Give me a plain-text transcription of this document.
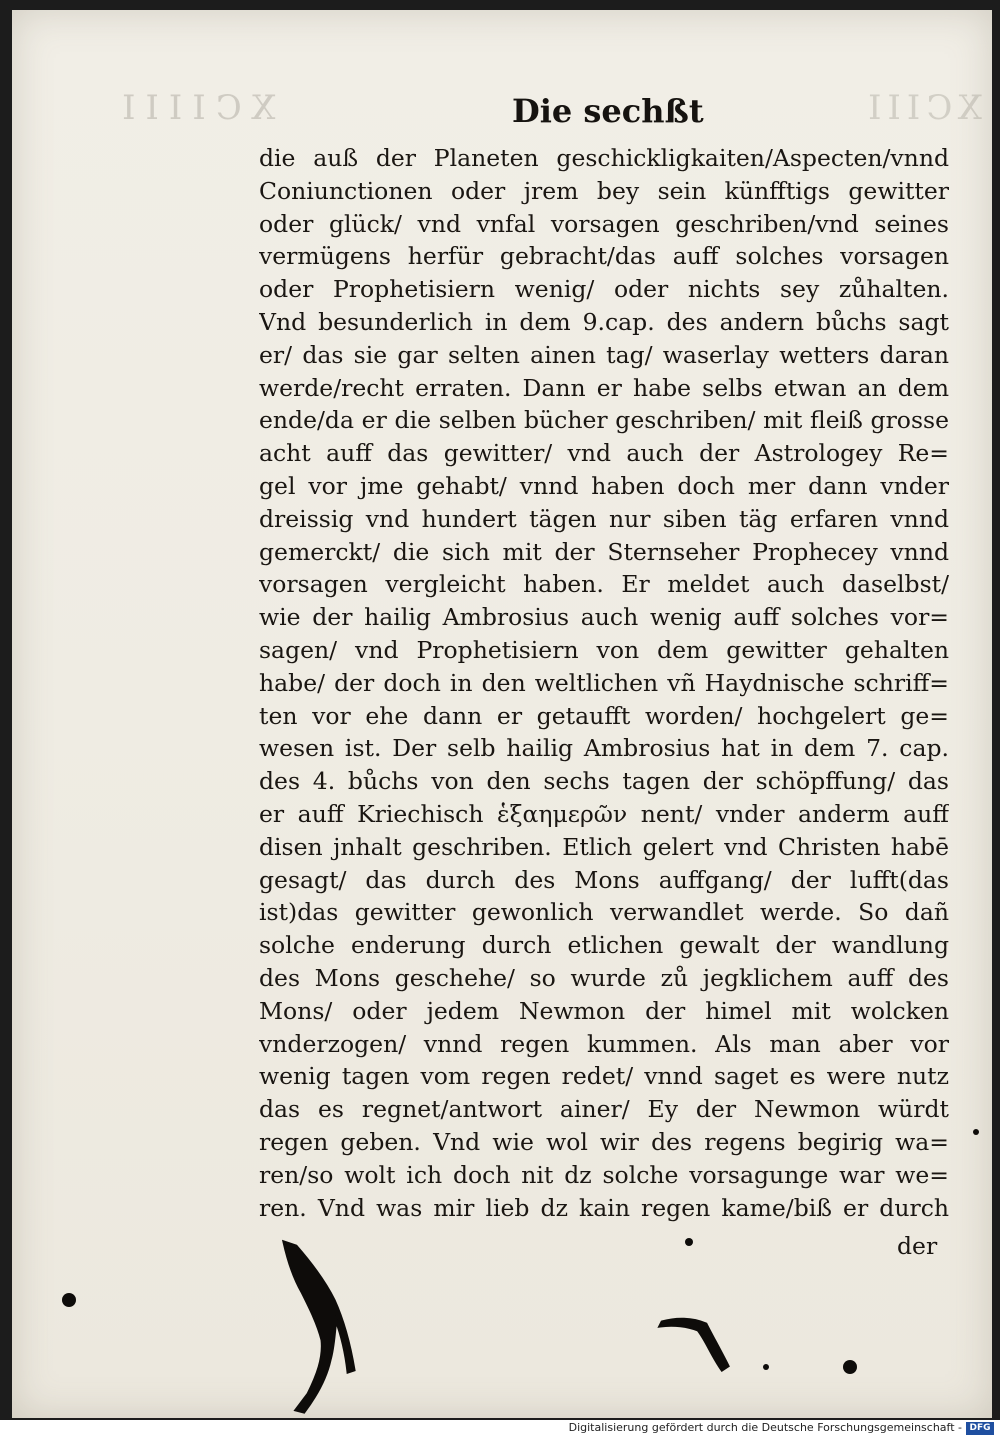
XCIIII	XCIII
Die sechßt
die auß der Planeten geschickligkaiten/Aspecten/vnnd
Coniunctionen oder jrem bey sein künfftigs gewitter
oder glück/ vnd vnfal vorsagen geschriben/vnd seines
vermügens herfür gebracht/das auff solches vorsagen
oder Prophetisiern wenig/ oder nichts sey zůhalten.
Vnd besunderlich in dem 9.cap. des andern bůchs sagt
er/ das sie gar selten ainen tag/ waserlay wetters daran
werde/recht erraten. Dann er habe selbs etwan an dem
ende/da er die selben bücher geschriben/ mit fleiß grosse
acht auff das gewitter/ vnd auch der Astrologey Re=
gel vor jme gehabt/ vnnd haben doch mer dann vnder
dreissig vnd hundert tägen nur siben täg erfaren vnnd
gemerckt/ die sich mit der Sternseher Prophecey vnnd
vorsagen vergleicht haben. Er meldet auch daselbst/
wie der hailig Ambrosius auch wenig auff solches vor=
sagen/ vnd Prophetisiern von dem gewitter gehalten
habe/ der doch in den weltlichen vñ Haydnische schriff=
ten vor ehe dann er getaufft worden/ hochgelert ge=
wesen ist. Der selb hailig Ambrosius hat in dem 7. cap.
des 4. bůchs von den sechs tagen der schöpffung/ das
er auff Kriechisch ἑξαημερῶν nent/ vnder anderm auff
disen jnhalt geschriben. Etlich gelert vnd Christen habē
gesagt/ das durch des Mons auffgang/ der lufft(das
ist)das gewitter gewonlich verwandlet werde. So dañ
solche enderung durch etlichen gewalt der wandlung
des Mons geschehe/ so wurde zů jegklichem auff des
Mons/ oder jedem Newmon der himel mit wolcken
vnderzogen/ vnnd regen kummen. Als man aber vor
wenig tagen vom regen redet/ vnnd saget es were nutz
das es regnet/antwort ainer/ Ey der Newmon würdt
regen geben. Vnd wie wol wir des regens begirig wa=
ren/so wolt ich doch nit dz solche vorsagunge war we=
ren. Vnd was mir lieb dz kain regen kame/biß er durch
der
Digitalisierung gefördert durch die Deutsche Forschungsgemeinschaft - DFG
